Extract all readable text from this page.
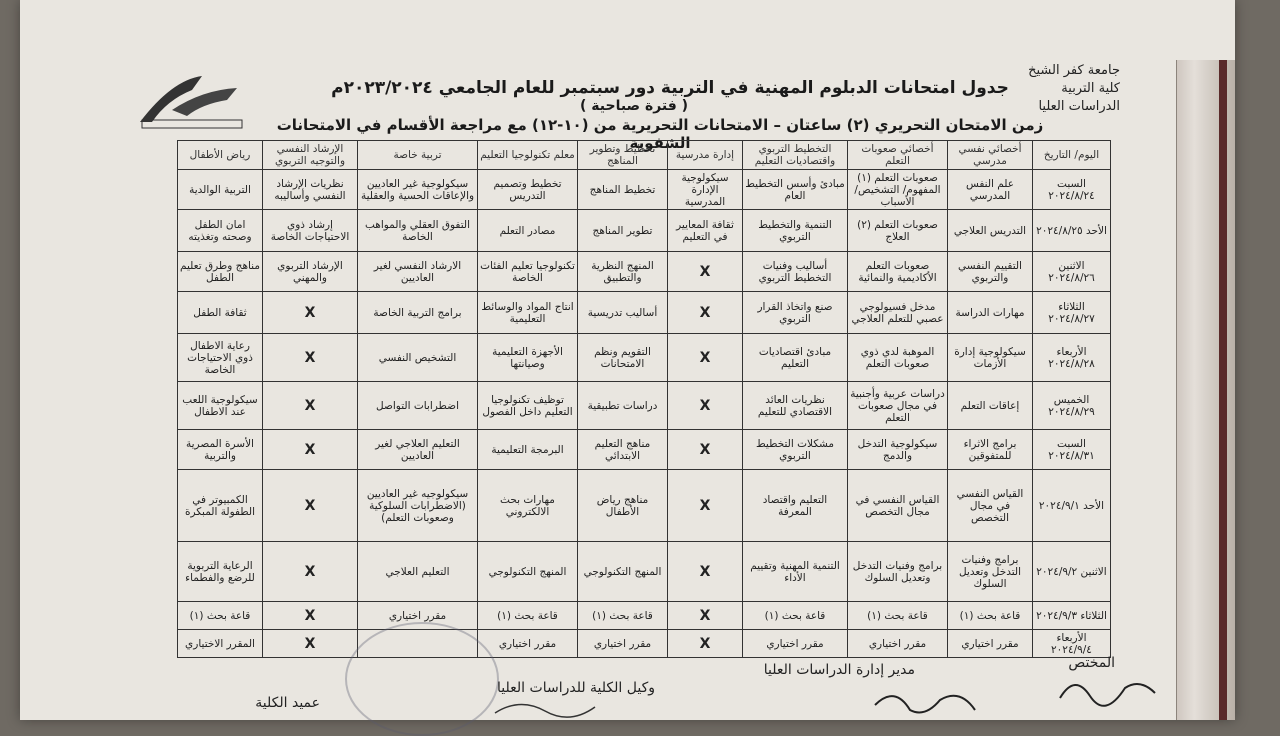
جامعة كفر الشيخ
كلية التربية
الدراسات العليا
جدول امتحانات الدبلوم المهنية في التربية دور سبتمبر للعام الجامعي ٢٠٢٣/٢٠٢٤م
( فترة صباحية )
زمن الامتحان التحريري (٢) ساعتان – الامتحانات التحريرية من (١٠-١٢) مع مراجعة الأقسام في الامتحانات الشفوية
اليوم/ التاريخ	أخصائي نفسي مدرسي	أخصائي صعوبات التعلم	التخطيط التربوي واقتصاديات التعليم	إدارة مدرسية	تخطيط وتطوير المناهج	معلم تكنولوجيا التعليم	تربية خاصة	الإرشاد النفسي والتوجيه التربوي	رياض الأطفال
السبت ٢٠٢٤/٨/٢٤	علم النفس المدرسي	صعوبات التعلم (١) المفهوم/ التشخيص/ الأسباب	مبادئ وأسس التخطيط العام	سيكولوجية الإدارة المدرسية	تخطيط المناهج	تخطيط وتصميم التدريس	سيكولوجية غير العاديين والإعاقات الحسية والعقلية	نظريات الإرشاد النفسي وأساليبه	التربية الوالدية
الأحد ٢٠٢٤/٨/٢٥	التدريس العلاجي	صعوبات التعلم (٢) العلاج	التنمية والتخطيط التربوي	ثقافة المعايير في التعليم	تطوير المناهج	مصادر التعلم	التفوق العقلي والمواهب الخاصة	إرشاد ذوي الاحتياجات الخاصة	امان الطفل وصحته وتغذيته
الاثنين ٢٠٢٤/٨/٢٦	التقييم النفسي والتربوي	صعوبات التعلم الأكاديمية والنمائية	أساليب وفنيات التخطيط التربوي	X	المنهج النظرية والتطبيق	تكنولوجيا تعليم الفئات الخاصة	الارشاد النفسي لغير العاديين	الإرشاد التربوي والمهني	مناهج وطرق تعليم الطفل
الثلاثاء ٢٠٢٤/٨/٢٧	مهارات الدراسة	مدخل فسيولوجي عصبي للتعلم العلاجي	صنع واتخاذ القرار التربوي	X	أساليب تدريسية	انتاج المواد والوسائط التعليمية	برامج التربية الخاصة	X	ثقافة الطفل
الأربعاء ٢٠٢٤/٨/٢٨	سيكولوجية إدارة الأزمات	الموهبة لدي ذوي صعوبات التعلم	مبادئ اقتصاديات التعليم	X	التقويم ونظم الامتحانات	الأجهزة التعليمية وصيانتها	التشخيص النفسي	X	رعاية الاطفال ذوي الاحتياجات الخاصة
الخميس ٢٠٢٤/٨/٢٩	إعاقات التعلم	دراسات عربية وأجنبية في مجال صعوبات التعلم	نظريات العائد الاقتصادي للتعليم	X	دراسات تطبيقية	توظيف تكنولوجيا التعليم داخل الفصول	اضطرابات التواصل	X	سيكولوجية اللعب عند الاطفال
السبت ٢٠٢٤/٨/٣١	برامج الاثراء للمتفوقين	سيكولوجية التدخل والدمج	مشكلات التخطيط التربوي	X	مناهج التعليم الابتدائي	البرمجة التعليمية	التعليم العلاجي لغير العاديين	X	الأسرة المصرية والتربية
الأحد ٢٠٢٤/٩/١	القياس النفسي في مجال التخصص	القياس النفسي في مجال التخصص	التعليم واقتصاد المعرفة	X	مناهج رياض الأطفال	مهارات بحث الالكتروني	سيكولوجيه غير العاديين (الاضطرابات السلوكية وصعوبات التعلم)	X	الكمبيوتر في الطفولة المبكرة
الاثنين ٢٠٢٤/٩/٢	برامج وفنيات التدخل وتعديل السلوك	برامج وفنيات التدخل وتعديل السلوك	التنمية المهنية وتقييم الأداء	X	المنهج التكنولوجي	المنهج التكنولوجي	التعليم العلاجي	X	الرعاية التربوية للرضع والفطماء
الثلاثاء ٢٠٢٤/٩/٣	قاعة بحث (١)	قاعة بحث (١)	قاعة بحث (١)	X	قاعة بحث (١)	قاعة بحث (١)	مقرر اختياري	X	قاعة بحث (١)
الأربعاء ٢٠٢٤/٩/٤	مقرر اختياري	مقرر اختياري	مقرر اختياري	X	مقرر اختياري	مقرر اختياري		X	المقرر الاختياري
المختص
مدير إدارة الدراسات العليا
وكيل الكلية للدراسات العليا
عميد الكلية
